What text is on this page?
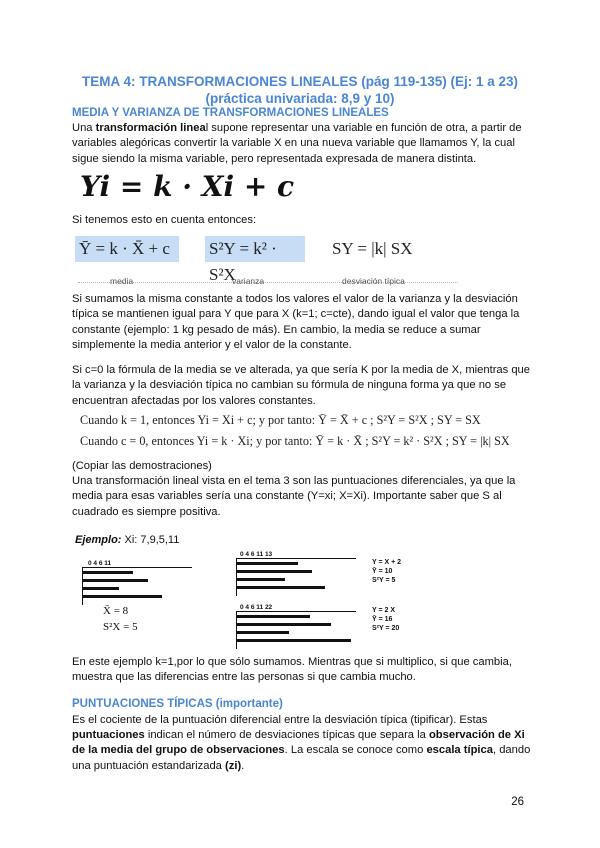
TEMA 4: TRANSFORMACIONES LINEALES (pág 119-135) (Ej: 1 a 23)
(práctica univariada: 8,9 y 10)
MEDIA Y VARIANZA DE TRANSFORMACIONES LINEALES
Una transformación lineal supone representar una variable en función de otra, a partir de variables alegóricas convertir la variable X en una nueva variable que llamamos Y, la cual sigue siendo la misma variable, pero representada expresada de manera distinta.
Yi = k · Xi + c
Si tenemos esto en cuenta entonces:
Ȳ = k · X̄ + c	S²Y = k² · S²X
SY = |k| SX
media	varianza	desviación típica
Si sumamos la misma constante a todos los valores el valor de la varianza y la desviación típica se mantienen igual para Y que para X (k=1; c=cte), dando igual el valor que tenga la constante (ejemplo: 1 kg pesado de más). En cambio, la media se reduce a sumar simplemente la media anterior y el valor de la constante.
Si c=0 la fórmula de la media se ve alterada, ya que sería K por la media de X, mientras que la varianza y la desviación típica no cambian su fórmula de ninguna forma ya que no se encuentran afectadas por los valores constantes.
Cuando k = 1, entonces Yi = Xi + c; y por tanto: Ȳ = X̄ + c ; S²Y = S²X ; SY = SX
Cuando c = 0, entonces Yi = k · Xi; y por tanto: Ȳ = k · X̄ ; S²Y = k² · S²X ; SY = |k| SX
(Copiar las demostraciones)
Una transformación lineal vista en el tema 3 son las puntuaciones diferenciales, ya que la media para esas variables sería una constante (Y=xi; X=Xi). Importante saber que S al cuadrado es siempre positiva.
Ejemplo: Xi: 7,9,5,11
0 4 6 11
X̄ = 8
S²X = 5
0 4 6 11 13
Y = X + 2
Ȳ = 10
S²Y = 5
0 4 6 11 22	Y = 2 X
Ȳ = 16
S²Y = 20
En este ejemplo k=1,por lo que sólo sumamos. Mientras que si multiplico, si que cambia, muestra que las diferencias entre las personas si que cambia mucho.
PUNTUACIONES TÍPICAS (importante)
Es el cociente de la puntuación diferencial entre la desviación típica (tipificar). Estas
puntuaciones indican el número de desviaciones típicas que separa la observación de Xi de la media del grupo de observaciones. La escala se conoce como escala típica, dando una puntuación estandarizada (zi).
26
